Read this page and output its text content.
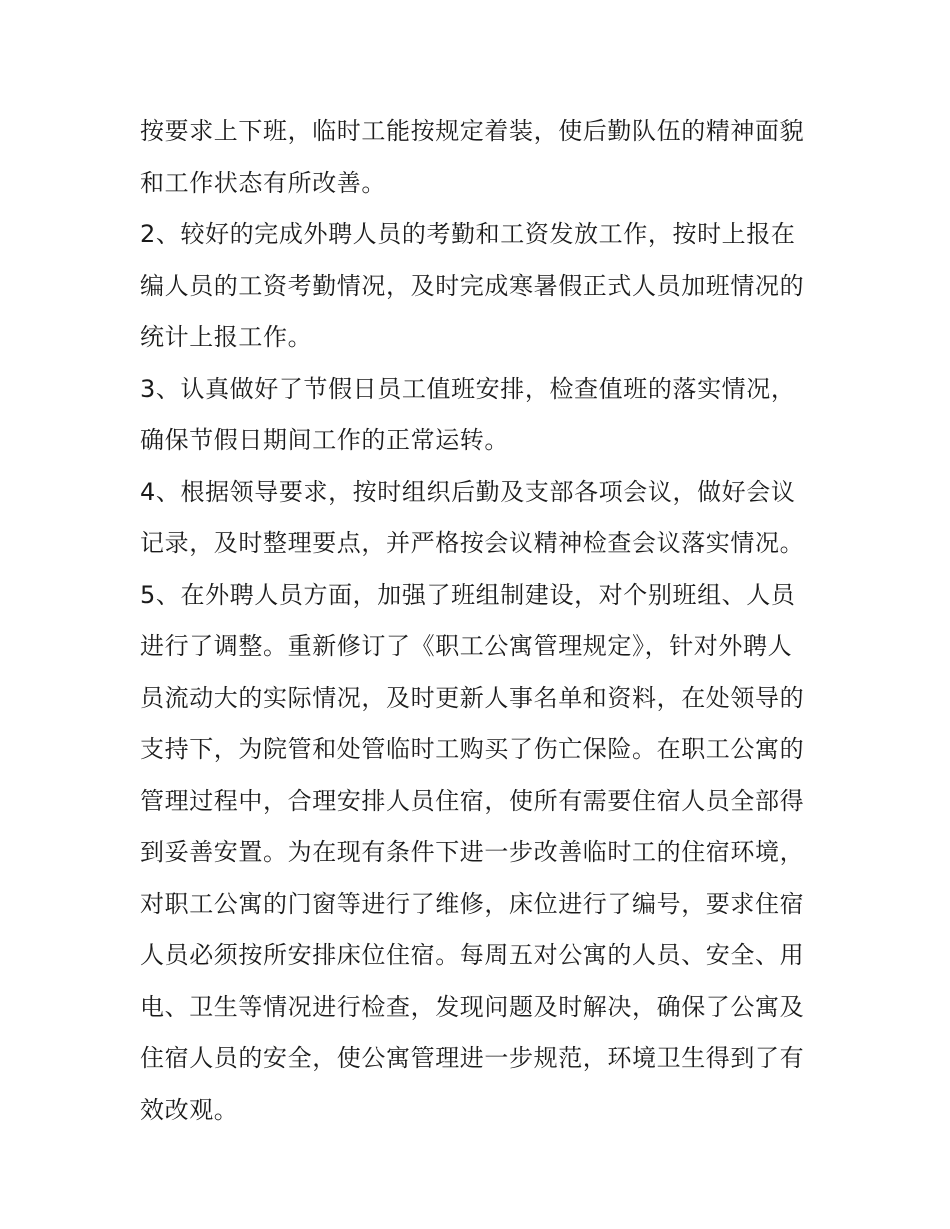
按要求上下班，临时工能按规定着装，使后勤队伍的精神面貌
和工作状态有所改善。
2、较好的完成外聘人员的考勤和工资发放工作，按时上报在
编人员的工资考勤情况，及时完成寒暑假正式人员加班情况的
统计上报工作。
3、认真做好了节假日员工值班安排，检查值班的落实情况，
确保节假日期间工作的正常运转。
4、根据领导要求，按时组织后勤及支部各项会议，做好会议
记录，及时整理要点，并严格按会议精神检查会议落实情况。
5、在外聘人员方面，加强了班组制建设，对个别班组、人员
进行了调整。重新修订了《职工公寓管理规定》，针对外聘人
员流动大的实际情况，及时更新人事名单和资料，在处领导的
支持下，为院管和处管临时工购买了伤亡保险。在职工公寓的
管理过程中，合理安排人员住宿，使所有需要住宿人员全部得
到妥善安置。为在现有条件下进一步改善临时工的住宿环境，
对职工公寓的门窗等进行了维修，床位进行了编号，要求住宿
人员必须按所安排床位住宿。每周五对公寓的人员、安全、用
电、卫生等情况进行检查，发现问题及时解决，确保了公寓及
住宿人员的安全，使公寓管理进一步规范，环境卫生得到了有
效改观。
